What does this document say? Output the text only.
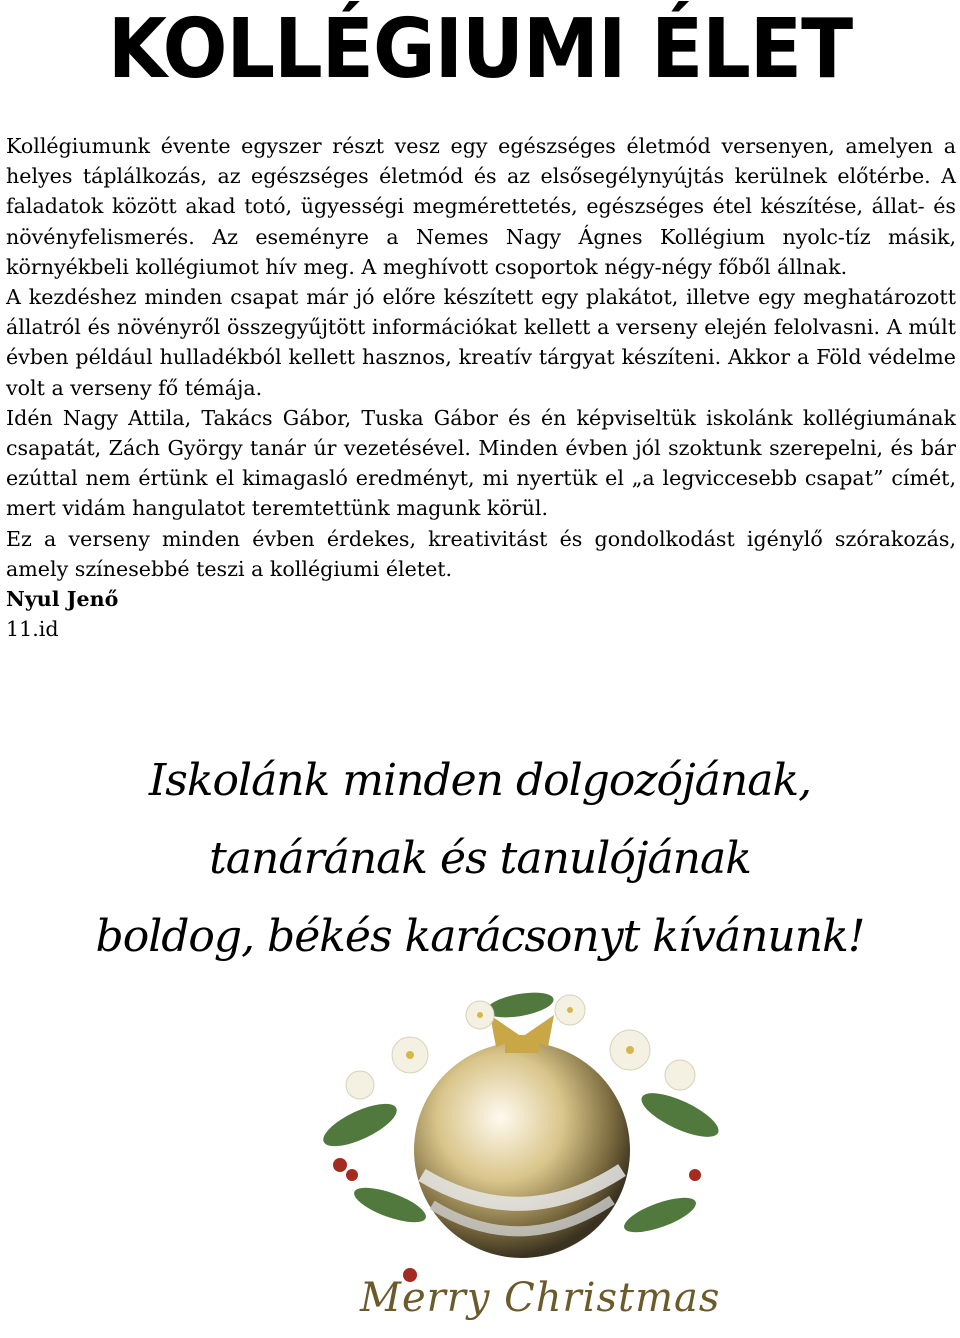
KOLLÉGIUMI ÉLET

Kollégiumunk évente egyszer részt vesz egy egészséges életmód versenyen, amelyen a helyes táplálkozás, az egészséges életmód és az elsősegélynyújtás kerülnek előtérbe. A faladatok között akad totó, ügyességi megmérettetés, egészséges étel készítése, állat- és növényfelismerés. Az eseményre a Nemes Nagy Ágnes Kollégium nyolc-tíz másik, környékbeli kollégiumot hív meg. A meghívott csoportok négy-négy főből állnak.

A kezdéshez minden csapat már jó előre készített egy plakátot, illetve egy meghatározott állatról és növényről összegyűjtött információkat kellett a verseny elején felolvasni. A múlt évben például hulladékból kellett hasznos, kreatív tárgyat készíteni. Akkor a Föld védelme volt a verseny fő témája.

Idén Nagy Attila, Takács Gábor, Tuska Gábor és én képviseltük iskolánk kollégiumának csapatát, Zách György tanár úr vezetésével. Minden évben jól szoktunk szerepelni, és bár ezúttal nem értünk el kimagasló eredményt, mi nyertük el „a legviccesebb csapat” címét, mert vidám hangulatot teremtettünk magunk körül.

Ez a verseny minden évben érdekes, kreativitást és gondolkodást igénylő szórakozás, amely színesebbé teszi a kollégiumi életet.

Nyul Jenő

11.id

Iskolánk minden dolgozójának,
tanárának és tanulójának
boldog, békés karácsonyt kívánunk!
Merry Christmas
